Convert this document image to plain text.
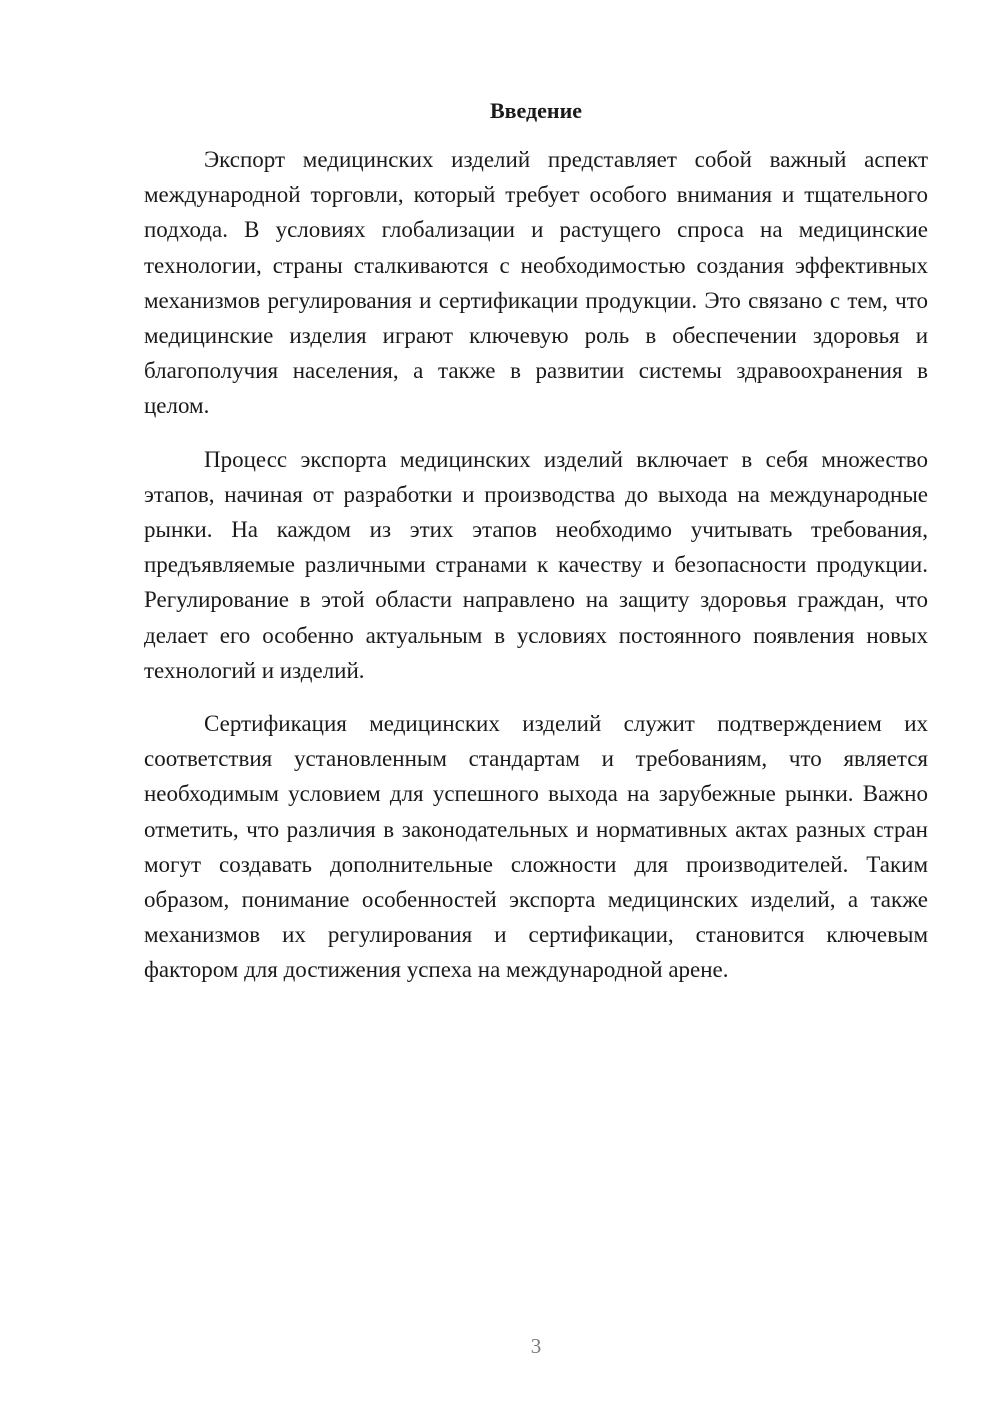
Введение

Экспорт медицинских изделий представляет собой важный аспект международной торговли, который требует особого внимания и тщательного подхода. В условиях глобализации и растущего спроса на медицинские технологии, страны сталкиваются с необходимостью создания эффективных механизмов регулирования и сертификации продукции. Это связано с тем, что медицинские изделия играют ключевую роль в обеспечении здоровья и благополучия населения, а также в развитии системы здравоохранения в целом.

Процесс экспорта медицинских изделий включает в себя множество этапов, начиная от разработки и производства до выхода на международные рынки. На каждом из этих этапов необходимо учитывать требования, предъявляемые различными странами к качеству и безопасности продукции. Регулирование в этой области направлено на защиту здоровья граждан, что делает его особенно актуальным в условиях постоянного появления новых технологий и изделий.

Сертификация медицинских изделий служит подтверждением их соответствия установленным стандартам и требованиям, что является необходимым условием для успешного выхода на зарубежные рынки. Важно отметить, что различия в законодательных и нормативных актах разных стран могут создавать дополнительные сложности для производителей. Таким образом, понимание особенностей экспорта медицинских изделий, а также механизмов их регулирования и сертификации, становится ключевым фактором для достижения успеха на международной арене.

3
